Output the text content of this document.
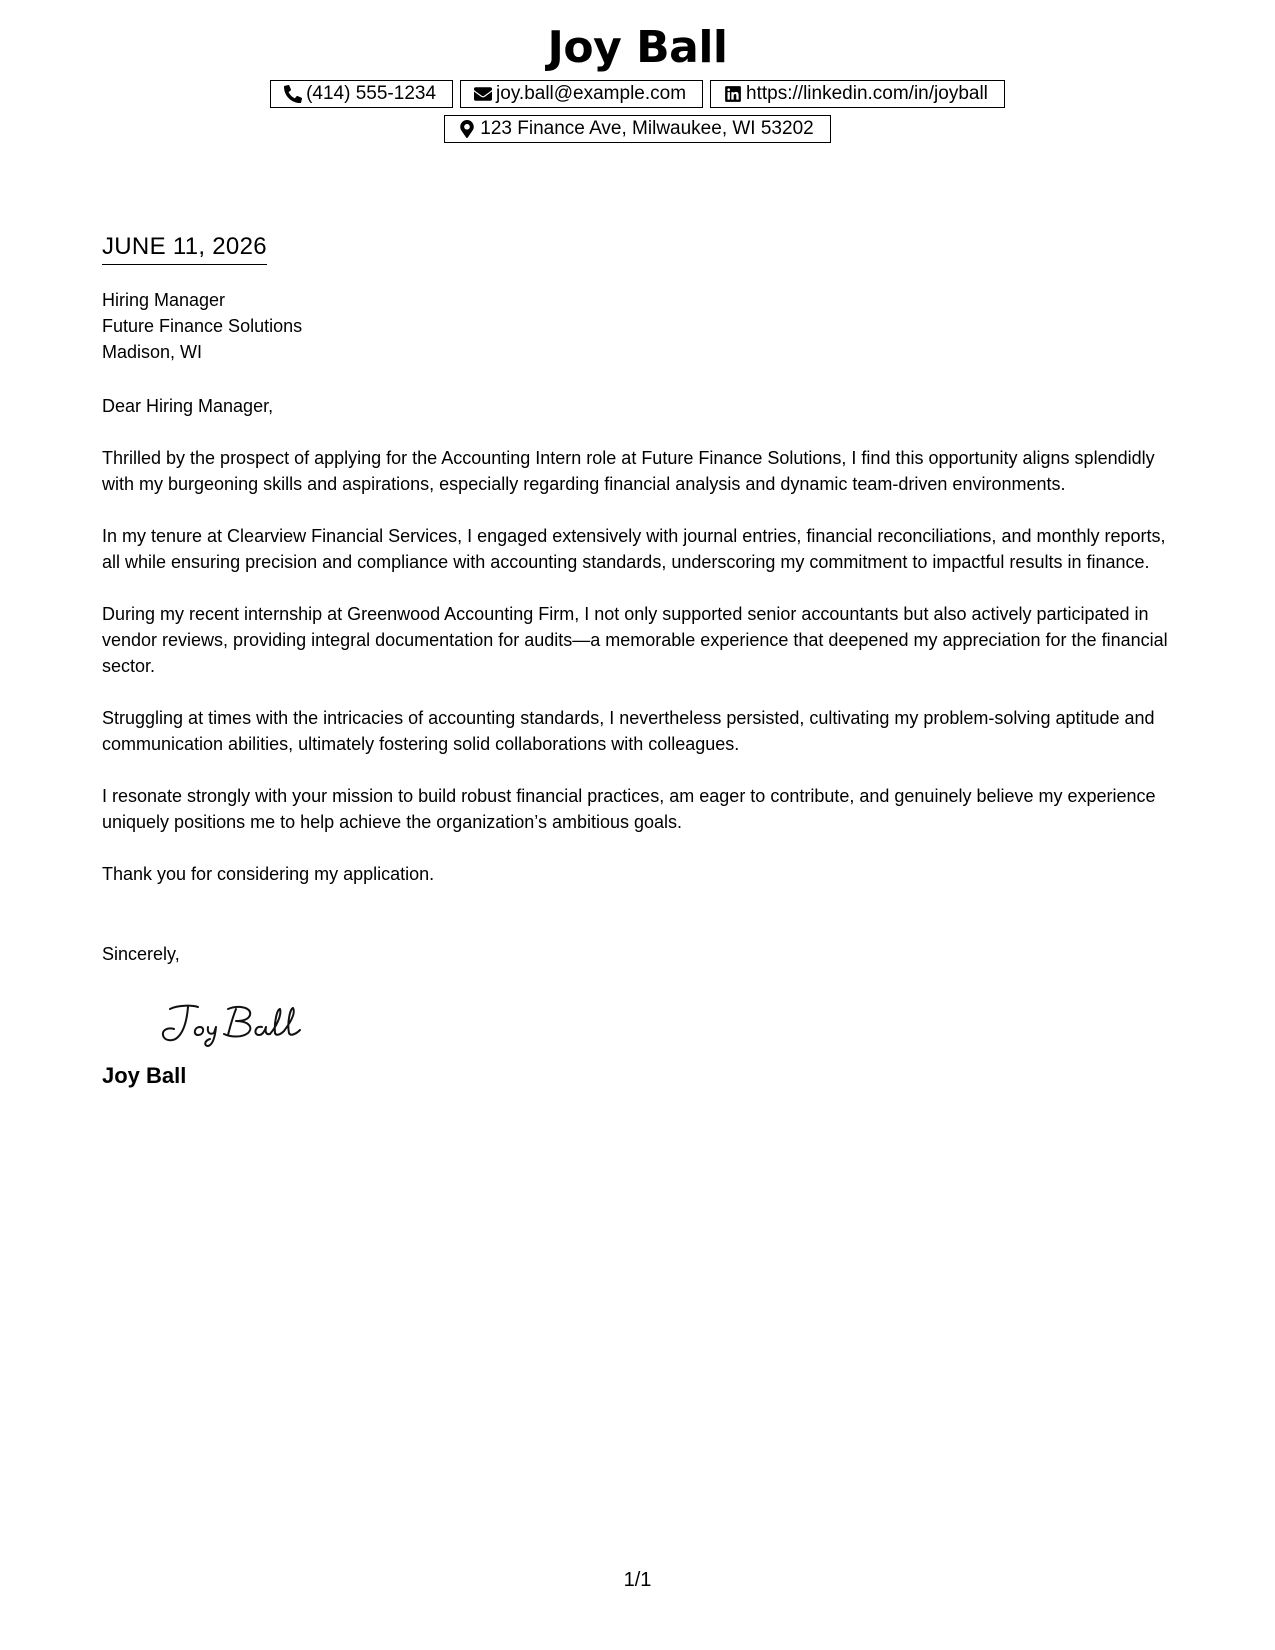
Joy Ball
(414) 555-1234	joy.ball@example.com	https://linkedin.com/in/joyball
123 Finance Ave, Milwaukee, WI 53202
JUNE 11, 2026
Hiring Manager
Future Finance Solutions
Madison, WI
Dear Hiring Manager,
Thrilled by the prospect of applying for the Accounting Intern role at Future Finance Solutions, I find this opportunity aligns splendidly with my burgeoning skills and aspirations, especially regarding financial analysis and dynamic team-driven environments.
In my tenure at Clearview Financial Services, I engaged extensively with journal entries, financial reconciliations, and monthly reports, all while ensuring precision and compliance with accounting standards, underscoring my commitment to impactful results in finance.
During my recent internship at Greenwood Accounting Firm, I not only supported senior accountants but also actively participated in vendor reviews, providing integral documentation for audits—a memorable experience that deepened my appreciation for the financial sector.
Struggling at times with the intricacies of accounting standards, I nevertheless persisted, cultivating my problem-solving aptitude and communication abilities, ultimately fostering solid collaborations with colleagues.
I resonate strongly with your mission to build robust financial practices, am eager to contribute, and genuinely believe my experience uniquely positions me to help achieve the organization’s ambitious goals.
Thank you for considering my application.
Sincerely,
Joy Ball
1/1
